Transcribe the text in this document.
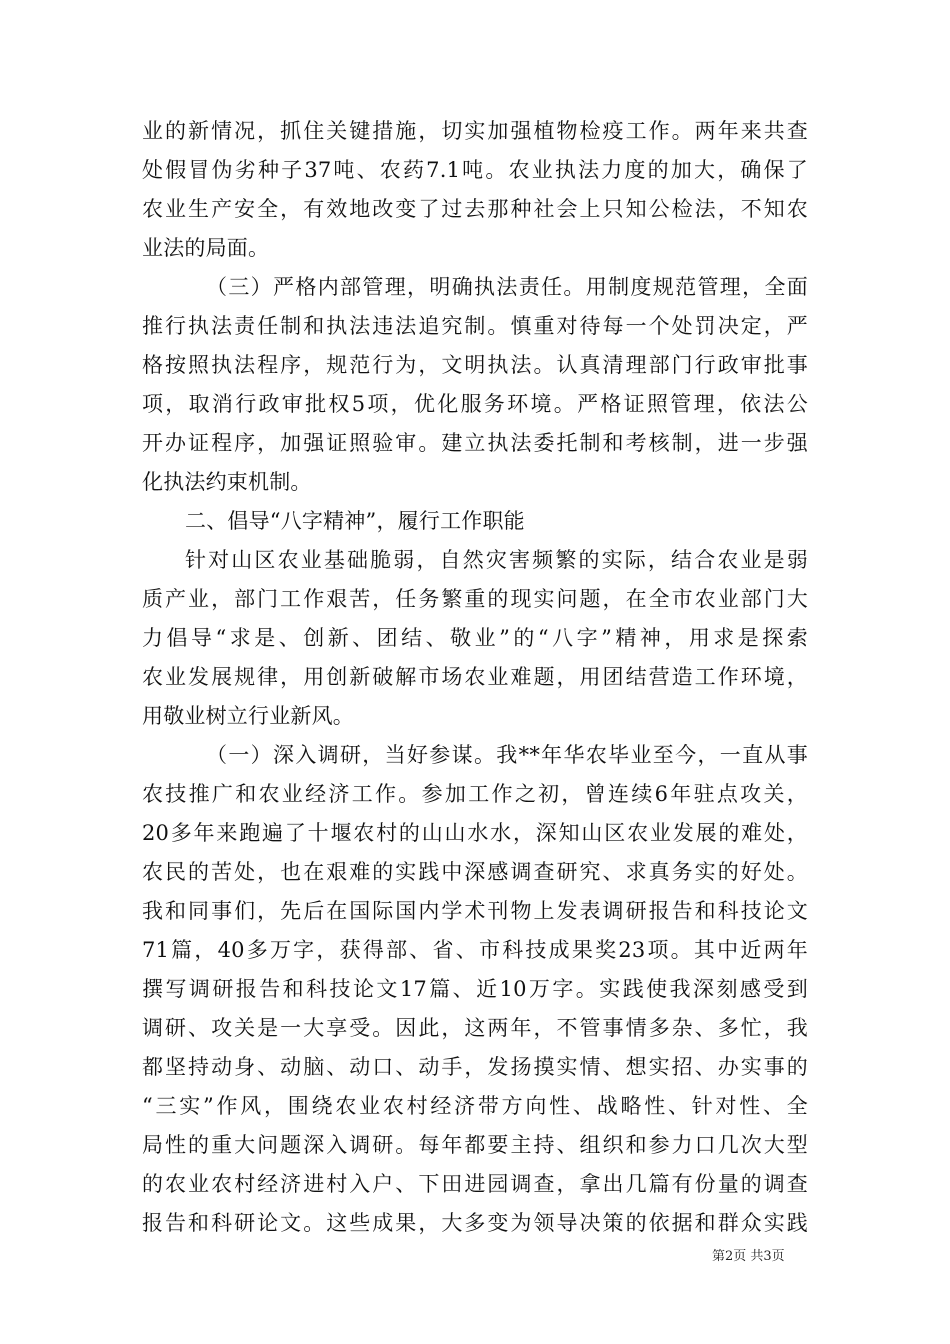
业的新情况，抓住关键措施，切实加强植物检疫工作。两年来共查
处假冒伪劣种子37吨、农药7.1吨。农业执法力度的加大，确保了
农业生产安全，有效地改变了过去那种社会上只知公检法，不知农
业法的局面。
（三）严格内部管理，明确执法责任。用制度规范管理，全面
推行执法责任制和执法违法追究制。慎重对待每一个处罚决定，严
格按照执法程序，规范行为，文明执法。认真清理部门行政审批事
项，取消行政审批权5项，优化服务环境。严格证照管理，依法公
开办证程序，加强证照验审。建立执法委托制和考核制，进一步强
化执法约束机制。
二、倡导“八字精神”，履行工作职能
针对山区农业基础脆弱，自然灾害频繁的实际，结合农业是弱
质产业，部门工作艰苦，任务繁重的现实问题，在全市农业部门大
力倡导“求是、创新、团结、敬业”的“八字”精神，用求是探索
农业发展规律，用创新破解市场农业难题，用团结营造工作环境，
用敬业树立行业新风。
（一）深入调研，当好参谋。我**年华农毕业至今，一直从事
农技推广和农业经济工作。参加工作之初，曾连续6年驻点攻关，
20多年来跑遍了十堰农村的山山水水，深知山区农业发展的难处，
农民的苦处，也在艰难的实践中深感调查研究、求真务实的好处。
我和同事们，先后在国际国内学术刊物上发表调研报告和科技论文
71篇，40多万字，获得部、省、市科技成果奖23项。其中近两年
撰写调研报告和科技论文17篇、近10万字。实践使我深刻感受到
调研、攻关是一大享受。因此，这两年，不管事情多杂、多忙，我
都坚持动身、动脑、动口、动手，发扬摸实情、想实招、办实事的
“三实”作风，围绕农业农村经济带方向性、战略性、针对性、全
局性的重大问题深入调研。每年都要主持、组织和参力口几次大型
的农业农村经济进村入户、下田进园调查，拿出几篇有份量的调查
报告和科研论文。这些成果，大多变为领导决策的依据和群众实践
第2页 共3页
